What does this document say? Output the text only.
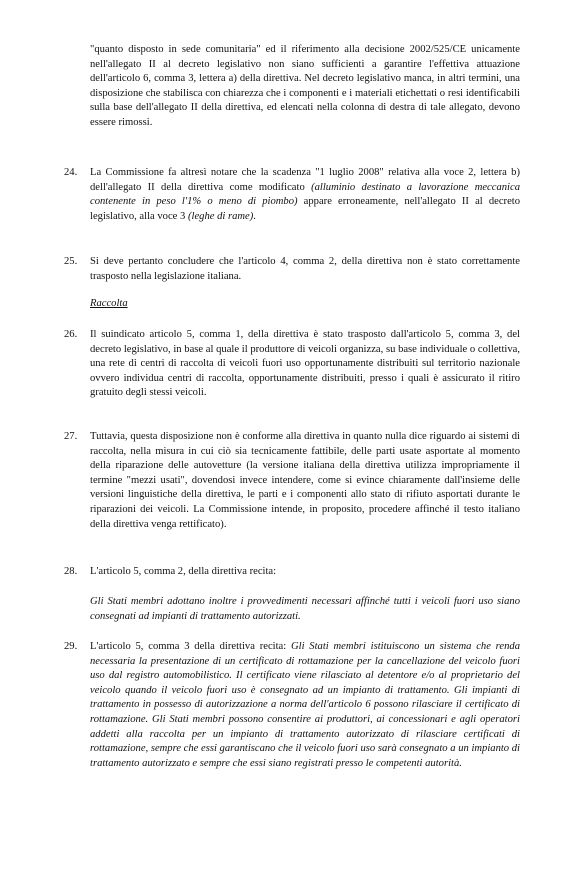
"quanto disposto in sede comunitaria" ed il riferimento alla decisione 2002/525/CE unicamente nell'allegato II al decreto legislativo non siano sufficienti a garantire l'effettiva attuazione dell'articolo 6, comma 3, lettera a) della direttiva. Nel decreto legislativo manca, in altri termini, una disposizione che stabilisca con chiarezza che i componenti e i materiali etichettati o resi identificabili sulla base dell'allegato II della direttiva, ed elencati nella colonna di destra di tale allegato, devono essere rimossi.
24. La Commissione fa altresì notare che la scadenza "1 luglio 2008" relativa alla voce 2, lettera b) dell'allegato II della direttiva come modificato (alluminio destinato a lavorazione meccanica contenente in peso l'1% o meno di piombo) appare erroneamente, nell'allegato II al decreto legislativo, alla voce 3 (leghe di rame).
25. Si deve pertanto concludere che l'articolo 4, comma 2, della direttiva non è stato correttamente trasposto nella legislazione italiana.
Raccolta
26. Il suindicato articolo 5, comma 1, della direttiva è stato trasposto dall'articolo 5, comma 3, del decreto legislativo, in base al quale il produttore di veicoli organizza, su base individuale o collettiva, una rete di centri di raccolta di veicoli fuori uso opportunamente distribuiti sul territorio nazionale ovvero individua centri di raccolta, opportunamente distribuiti, presso i quali è assicurato il ritiro gratuito degli stessi veicoli.
27. Tuttavia, questa disposizione non è conforme alla direttiva in quanto nulla dice riguardo ai sistemi di raccolta, nella misura in cui ciò sia tecnicamente fattibile, delle parti usate asportate al momento della riparazione delle autovetture (la versione italiana della direttiva utilizza impropriamente il termine "mezzi usati", dovendosi invece intendere, come si evince chiaramente dall'insieme delle versioni linguistiche della direttiva, le parti e i componenti allo stato di rifiuto asportati durante le riparazioni dei veicoli. La Commissione intende, in proposito, procedere affinché il testo italiano della direttiva venga rettificato).
28. L'articolo 5, comma 2, della direttiva recita:
Gli Stati membri adottano inoltre i provvedimenti necessari affinché tutti i veicoli fuori uso siano consegnati ad impianti di trattamento autorizzati.
29. L'articolo 5, comma 3 della direttiva recita: Gli Stati membri istituiscono un sistema che renda necessaria la presentazione di un certificato di rottamazione per la cancellazione del veicolo fuori uso dal registro automobilistico. Il certificato viene rilasciato al detentore e/o al proprietario del veicolo quando il veicolo fuori uso è consegnato ad un impianto di trattamento. Gli impianti di trattamento in possesso di autorizzazione a norma dell'articolo 6 possono rilasciare il certificato di rottamazione. Gli Stati membri possono consentire ai produttori, ai concessionari e agli operatori addetti alla raccolta per un impianto di trattamento autorizzato di rilasciare certificati di rottamazione, sempre che essi garantiscano che il veicolo fuori uso sarà consegnato a un impianto di trattamento autorizzato e sempre che essi siano registrati presso le competenti autorità.
